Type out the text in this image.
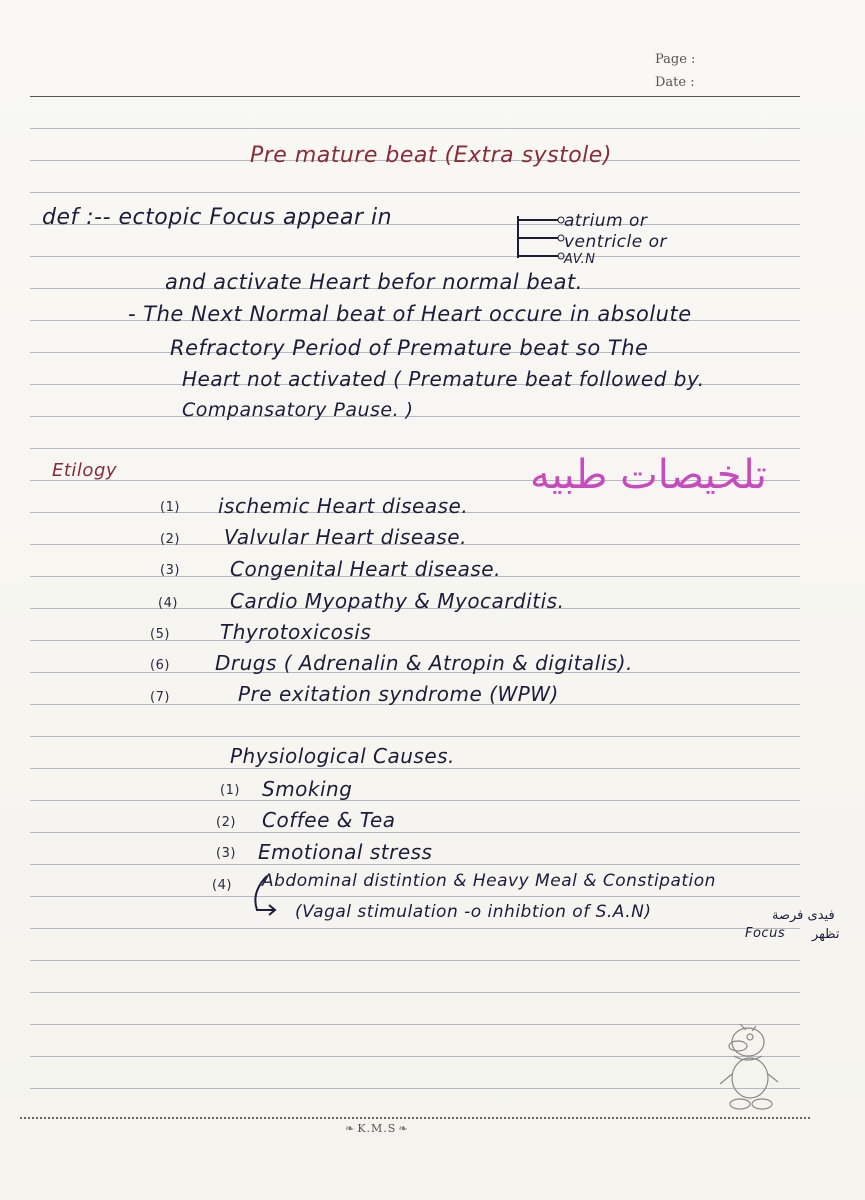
Page :
Date :
Pre mature beat (Extra systole)
def :-- ectopic Focus appear in	atrium or
ventricle or
AV.N
and activate Heart befor normal beat.
- The Next Normal beat of Heart occure in absolute
Refractory Period of Premature beat so The
Heart not activated ( Premature beat followed by.
Compansatory Pause. )
تلخيصات طبيه
Etilogy
(1) ischemic Heart disease.
(2) Valvular Heart disease.
(3)	Congenital Heart disease.
(4)	Cardio Myopathy & Myocarditis.
(5)	Thyrotoxicosis
(6) Drugs ( Adrenalin & Atropin & digitalis).
(7)	Pre exitation syndrome (WPW)
Physiological Causes.
(1) Smoking
(2) Coffee & Tea
(3) Emotional stress
(4) Abdominal distintion & Heavy Meal & Constipation
(Vagal stimulation -o inhibtion of S.A.N)	فيدى فرصة
تظهر
Focus
❧ K.M.S ❧
